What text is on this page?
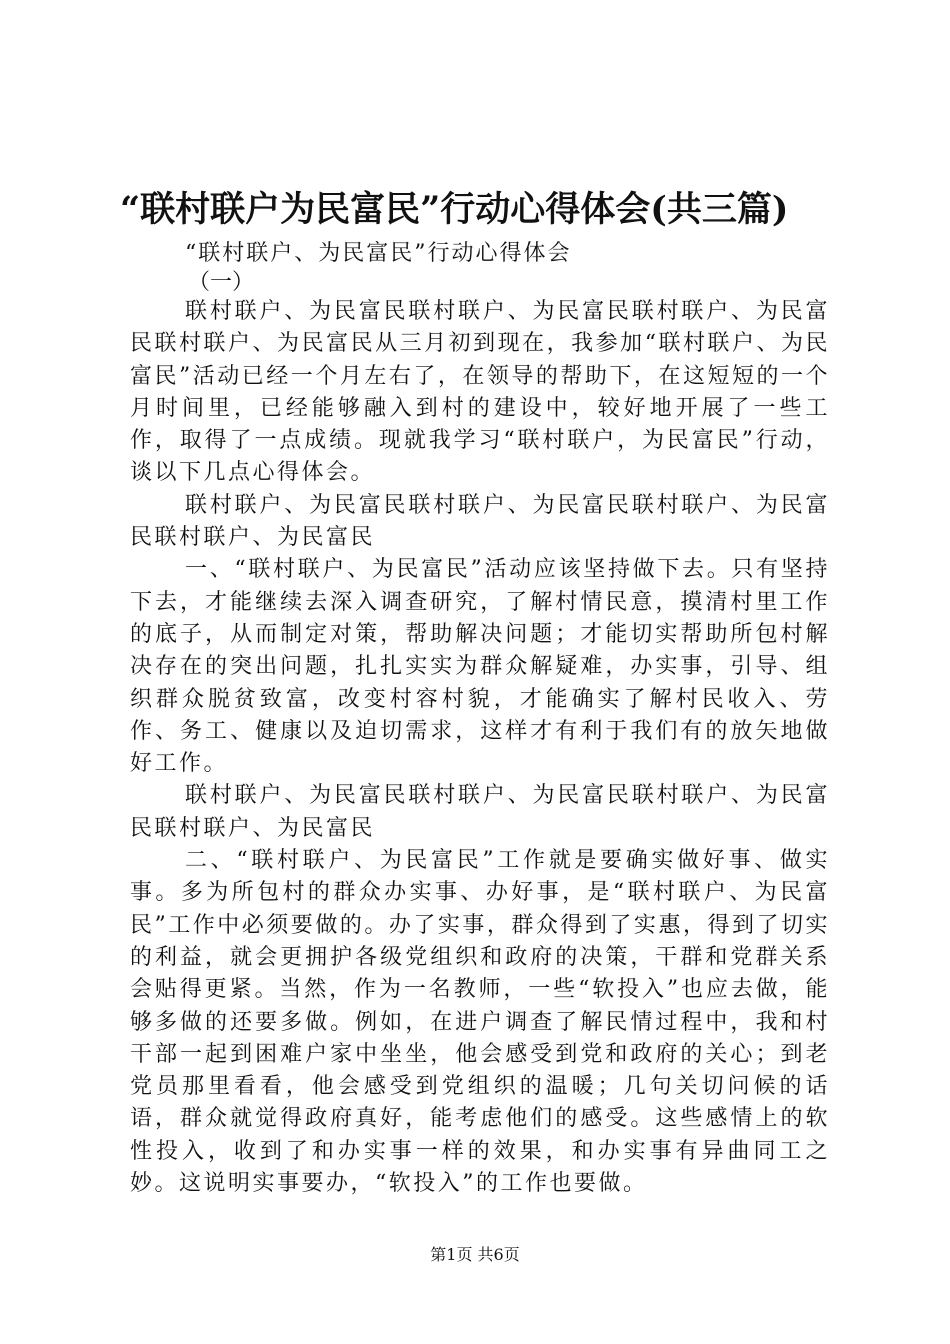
“联村联户为民富民”行动心得体会(共三篇)
“联村联户、为民富民”行动心得体会
（一）

联村联户、为民富民联村联户、为民富民联村联户、为民富民联村联户、为民富民从三月初到现在，我参加“联村联户、为民富民”活动已经一个月左右了，在领导的帮助下，在这短短的一个月时间里，已经能够融入到村的建设中，较好地开展了一些工作，取得了一点成绩。现就我学习“联村联户，为民富民”行动，谈以下几点心得体会。

联村联户、为民富民联村联户、为民富民联村联户、为民富民联村联户、为民富民

一、“联村联户、为民富民”活动应该坚持做下去。只有坚持下去，才能继续去深入调查研究，了解村情民意，摸清村里工作的底子，从而制定对策，帮助解决问题；才能切实帮助所包村解决存在的突出问题，扎扎实实为群众解疑难，办实事，引导、组织群众脱贫致富，改变村容村貌，才能确实了解村民收入、劳作、务工、健康以及迫切需求，这样才有利于我们有的放矢地做好工作。

联村联户、为民富民联村联户、为民富民联村联户、为民富民联村联户、为民富民

二、“联村联户、为民富民”工作就是要确实做好事、做实事。多为所包村的群众办实事、办好事，是“联村联户、为民富民”工作中必须要做的。办了实事，群众得到了实惠，得到了切实的利益，就会更拥护各级党组织和政府的决策，干群和党群关系会贴得更紧。当然，作为一名教师，一些“软投入”也应去做，能够多做的还要多做。例如，在进户调查了解民情过程中，我和村干部一起到困难户家中坐坐，他会感受到党和政府的关心；到老党员那里看看，他会感受到党组织的温暖；几句关切问候的话语，群众就觉得政府真好，能考虑他们的感受。这些感情上的软性投入，收到了和办实事一样的效果，和办实事有异曲同工之妙。这说明实事要办，“软投入”的工作也要做。

第1页 共6页
